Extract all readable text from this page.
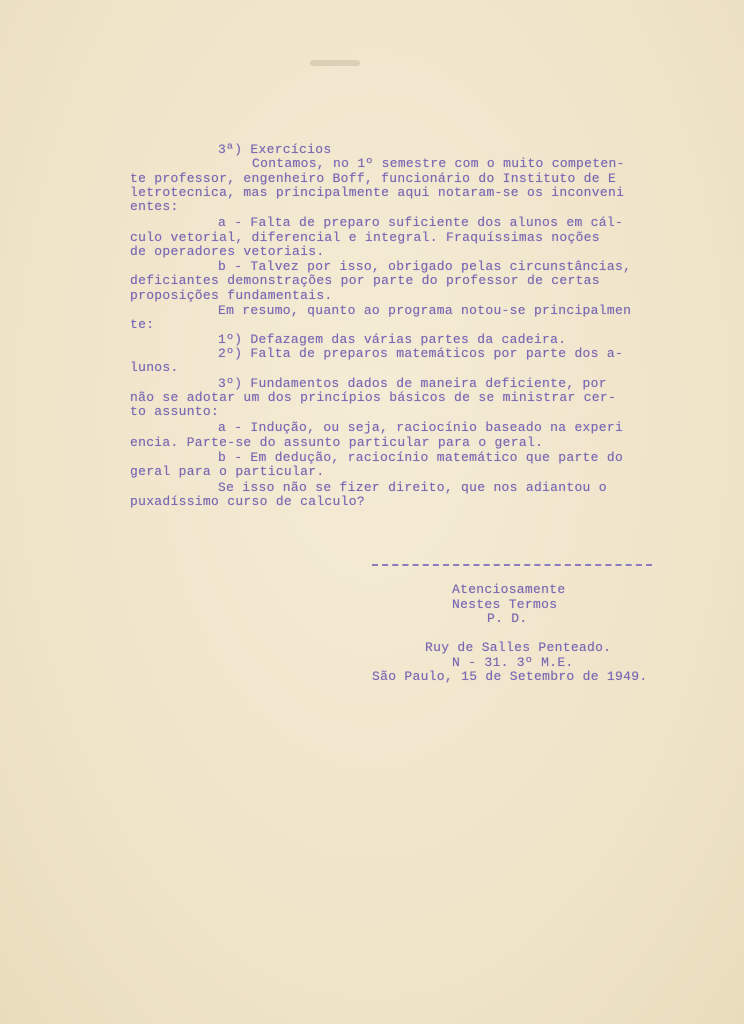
3ª) Exercícios
Contamos, no 1º semestre com o muito competen-
te professor, engenheiro Boff, funcionário do Instituto de E
letrotecnica, mas principalmente aqui notaram-se os inconveni
entes:
a - Falta de preparo suficiente dos alunos em cál-
culo vetorial, diferencial e integral. Fraquíssimas noções
de operadores vetoriais.
b - Talvez por isso, obrigado pelas circunstâncias,
deficiantes demonstrações por parte do professor de certas
proposições fundamentais.
Em resumo, quanto ao programa notou-se principalmen
te:
1º) Defazagem das várias partes da cadeira.
2º) Falta de preparos matemáticos por parte dos a-
lunos.
3º) Fundamentos dados de maneira deficiente, por
não se adotar um dos princípios básicos de se ministrar cer-
to assunto:
a - Indução, ou seja, raciocínio baseado na experi
encia. Parte-se do assunto particular para o geral.
b - Em dedução, raciocínio matemático que parte do
geral para o particular.
Se isso não se fizer direito, que nos adiantou o
puxadíssimo curso de calculo?
Atenciosamente
Nestes Termos
P. D.
Ruy de Salles Penteado.
N - 31. 3º M.E.
São Paulo, 15 de Setembro de 1949.
